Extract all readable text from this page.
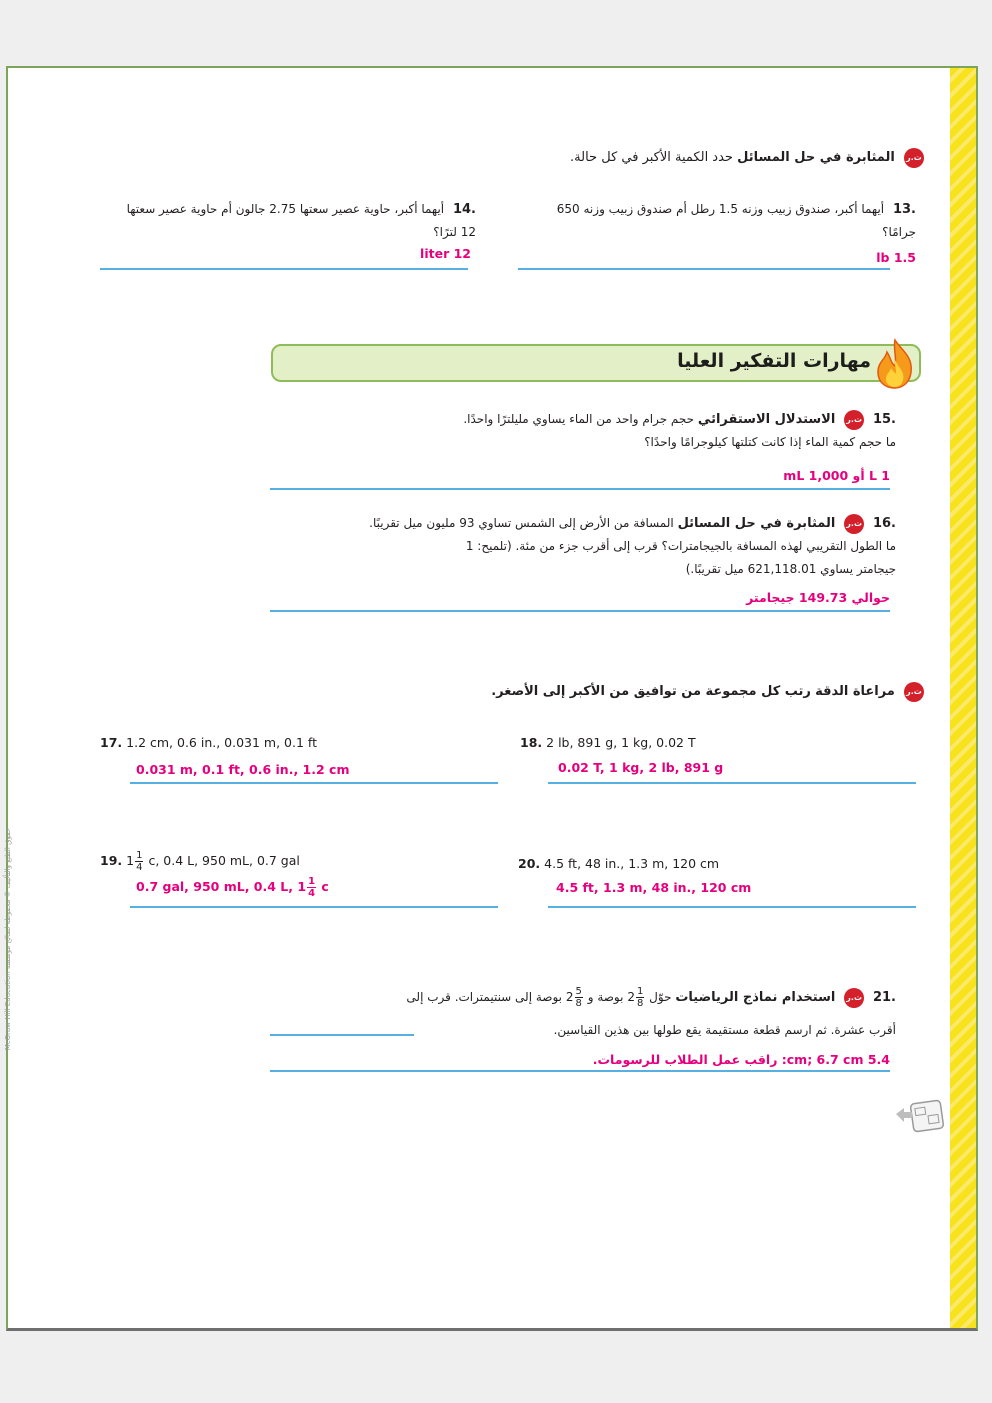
ت.ر المثابرة في حل المسائل حدد الكمية الأكبر في كل حالة.
13. أيهما أكبر، صندوق زبيب وزنه 1.5 رطل أم صندوق زبيب وزنه 650 جرامًا؟
1.5 lb
14. أيهما أكبر، حاوية عصير سعتها 2.75 جالون أم حاوية عصير سعتها 12 لترًا؟
12 liter
مهارات التفكير العليا
15. ت.ر الاستدلال الاستقرائي حجم جرام واحد من الماء يساوي مليلترًا واحدًا.
ما حجم كمية الماء إذا كانت كتلتها كيلوجرامًا واحدًا؟
1 L أو 1,000 mL
16. ت.ر المثابرة في حل المسائل المسافة من الأرض إلى الشمس تساوي 93 مليون ميل تقريبًا.
ما الطول التقريبي لهذه المسافة بالجيجامترات؟ قرب إلى أقرب جزء من مئة. (تلميح: 1
جيجامتر يساوي 621,118.01 ميل تقريبًا.)
حوالي 149.73 جيجامتر
ت.ر مراعاة الدقة رتب كل مجموعة من توافيق من الأكبر إلى الأصغر.
17. 1.2 cm, 0.6 in., 0.031 m, 0.1 ft
0.031 m, 0.1 ft, 0.6 in., 1.2 cm
18. 2 lb, 891 g, 1 kg, 0.02 T
0.02 T, 1 kg, 2 lb, 891 g
19. $1 \frac{1}{4} c$, 0.4 L, 950 mL, 0.7 gal
0.7 gal, 950 mL, 0.4 L, $1 \frac{1}{4}$ c
20. 4.5 ft, 48 in., 1.3 m, 120 cm
4.5 ft, 1.3 m, 48 in., 120 cm
21. ت.ر استخدام نماذج الرياضيات حوّل $2 \frac{1}{8}$
بوصة و $2 \frac{5}{8}$
بوصة إلى سنتيمترات. قرب إلى
أقرب عشرة. ثم ارسم قطعة مستقيمة يقع طولها بين هذين القياسين.
5.4 cm; 6.7 cm: راقب عمل الطلاب للرسومات.
حقوق الطبع والتأليف © محفوظة لصالح مؤسسة McGraw-Hill Education
